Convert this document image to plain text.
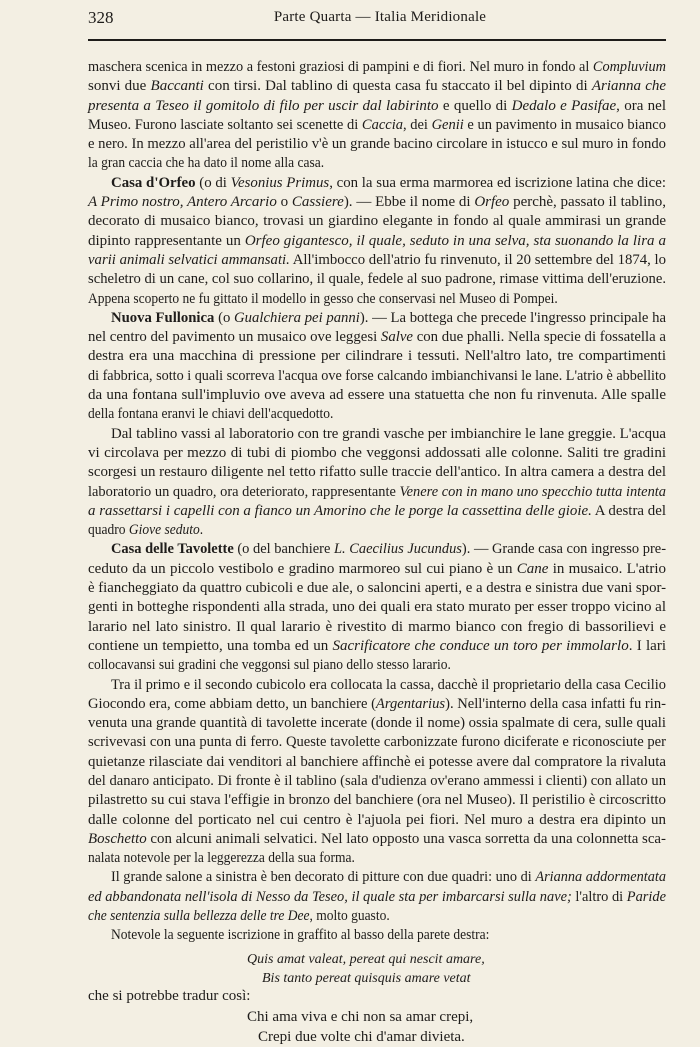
328	Parte Quarta — Italia Meridionale
maschera scenica in mezzo a festoni graziosi di pampini e di fiori. Nel muro in fondo al Compluvium
sonvi due Baccanti con tirsi. Dal tablino di questa casa fu staccato il bel dipinto di Arianna che
presenta a Teseo il gomitolo di filo per uscir dal labirinto e quello di Dedalo e Pasifae, ora nel
Museo. Furono lasciate soltanto sei scenette di Caccia, dei Genii e un pavimento in musaico bianco
e nero. In mezzo all'area del peristilio v'è un grande bacino circolare in istucco e sul muro in fondo
la gran caccia che ha dato il nome alla casa.
Casa d'Orfeo (o di Vesonius Primus, con la sua erma marmorea ed iscrizione latina che dice:
A Primo nostro, Antero Arcario o Cassiere). — Ebbe il nome di Orfeo perchè, passato il tablino,
decorato di musaico bianco, trovasi un giardino elegante in fondo al quale ammirasi un grande
dipinto rappresentante un Orfeo gigantesco, il quale, seduto in una selva, sta suonando la lira a
varii animali selvatici ammansati. All'imbocco dell'atrio fu rinvenuto, il 20 settembre del 1874, lo
scheletro di un cane, col suo collarino, il quale, fedele al suo padrone, rimase vittima dell'eruzione.
Appena scoperto ne fu gittato il modello in gesso che conservasi nel Museo di Pompei.
Nuova Fullonica (o Gualchiera pei panni). — La bottega che precede l'ingresso principale ha
nel centro del pavimento un musaico ove leggesi Salve con due phalli. Nella specie di fossatella a
destra era una macchina di pressione per cilindrare i tessuti. Nell'altro lato, tre compartimenti
di fabbrica, sotto i quali scorreva l'acqua ove forse calcando imbianchivansi le lane. L'atrio è abbellito
da una fontana sull'impluvio ove aveva ad essere una statuetta che non fu rinvenuta. Alle spalle
della fontana eranvi le chiavi dell'acquedotto.
Dal tablino vassi al laboratorio con tre grandi vasche per imbianchire le lane greggie. L'acqua
vi circolava per mezzo di tubi di piombo che veggonsi addossati alle colonne. Saliti tre gradini
scorgesi un restauro diligente nel tetto rifatto sulle traccie dell'antico. In altra camera a destra del
laboratorio un quadro, ora deteriorato, rappresentante Venere con in mano uno specchio tutta intenta
a rassettarsi i capelli con a fianco un Amorino che le porge la cassettina delle gioie. A destra del
quadro Giove seduto.
Casa delle Tavolette (o del banchiere L. Caecilius Jucundus). — Grande casa con ingresso pre-
ceduto da un piccolo vestibolo e gradino marmoreo sul cui piano è un Cane in musaico. L'atrio
è fiancheggiato da quattro cubicoli e due ale, o saloncini aperti, e a destra e sinistra due vani spor-
genti in botteghe rispondenti alla strada, uno dei quali era stato murato per esser troppo vicino al
larario nel lato sinistro. Il qual larario è rivestito di marmo bianco con fregio di bassorilievi e
contiene un tempietto, una tomba ed un Sacrificatore che conduce un toro per immolarlo. I lari
collocavansi sui gradini che veggonsi sul piano dello stesso larario.
Tra il primo e il secondo cubicolo era collocata la cassa, dacchè il proprietario della casa Cecilio
Giocondo era, come abbiam detto, un banchiere (Argentarius). Nell'interno della casa infatti fu rin-
venuta una grande quantità di tavolette incerate (donde il nome) ossia spalmate di cera, sulle quali
scrivevasi con una punta di ferro. Queste tavolette carbonizzate furono diciferate e riconosciute per
quietanze rilasciate dai venditori al banchiere affinchè ei potesse avere dal compratore la rivaluta
del danaro anticipato. Di fronte è il tablino (sala d'udienza ov'erano ammessi i clienti) con allato un
pilastretto su cui stava l'effigie in bronzo del banchiere (ora nel Museo). Il peristilio è circoscritto
dalle colonne del porticato nel cui centro è l'ajuola pei fiori. Nel muro a destra era dipinto un
Boschetto con alcuni animali selvatici. Nel lato opposto una vasca sorretta da una colonnetta sca-
nalata notevole per la leggerezza della sua forma.
Il grande salone a sinistra è ben decorato di pitture con due quadri: uno di Arianna addormentata
ed abbandonata nell'isola di Nesso da Teseo, il quale sta per imbarcarsi sulla nave; l'altro di Paride
che sentenzia sulla bellezza delle tre Dee, molto guasto.
Notevole la seguente iscrizione in graffito al basso della parete destra:
Quis amat valeat, pereat qui nescit amare,
Bis tanto pereat quisquis amare vetat
che si potrebbe tradur così:
Chi ama viva e chi non sa amar crepi,
Crepi due volte chi d'amar divieta.
